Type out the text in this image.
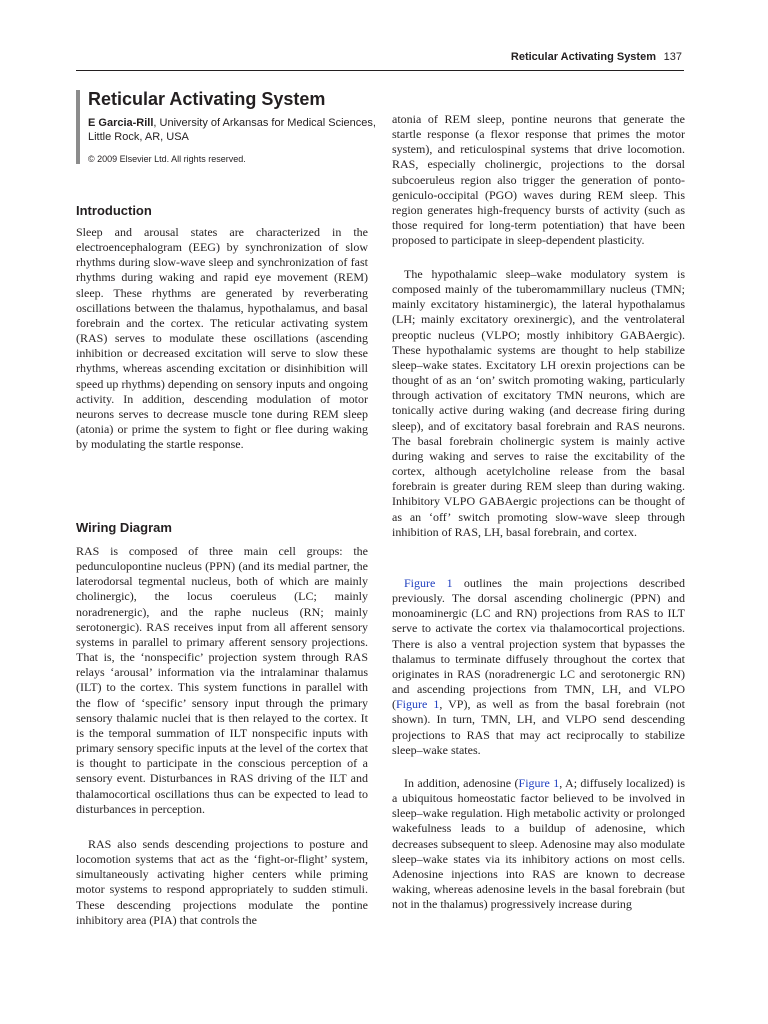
Reticular Activating System 137
Reticular Activating System
E Garcia-Rill, University of Arkansas for Medical Sciences, Little Rock, AR, USA
© 2009 Elsevier Ltd. All rights reserved.
Introduction

Sleep and arousal states are characterized in the electroencephalogram (EEG) by synchronization of slow rhythms during slow-wave sleep and synchronization of fast rhythms during waking and rapid eye movement (REM) sleep. These rhythms are generated by reverberating oscillations between the thalamus, hypothalamus, and basal forebrain and the cortex. The reticular activating system (RAS) serves to modulate these oscillations (ascending inhibition or decreased excitation will serve to slow these rhythms, whereas ascending excitation or disinhibition will speed up rhythms) depending on sensory inputs and ongoing activity. In addition, descending modulation of motor neurons serves to decrease muscle tone during REM sleep (atonia) or prime the system to fight or flee during waking by modulating the startle response.

Wiring Diagram

RAS is composed of three main cell groups: the pedunculopontine nucleus (PPN) (and its medial partner, the laterodorsal tegmental nucleus, both of which are mainly cholinergic), the locus coeruleus (LC; mainly noradrenergic), and the raphe nucleus (RN; mainly serotonergic). RAS receives input from all afferent sensory systems in parallel to primary afferent sensory projections. That is, the ‘nonspecific’ projection system through RAS relays ‘arousal’ information via the intralaminar thalamus (ILT) to the cortex. This system functions in parallel with the flow of ‘specific’ sensory input through the primary sensory thalamic nuclei that is then relayed to the cortex. It is the temporal summation of ILT nonspecific inputs with primary sensory specific inputs at the level of the cortex that is thought to participate in the conscious perception of a sensory event. Disturbances in RAS driving of the ILT and thalamocortical oscillations thus can be expected to lead to disturbances in perception.

RAS also sends descending projections to posture and locomotion systems that act as the ‘fight-or-flight’ system, simultaneously activating higher centers while priming motor systems to respond appropriately to sudden stimuli. These descending projections modulate the pontine inhibitory area (PIA) that controls the

atonia of REM sleep, pontine neurons that generate the startle response (a flexor response that primes the motor system), and reticulospinal systems that drive locomotion. RAS, especially cholinergic, projections to the dorsal subcoeruleus region also trigger the generation of ponto-geniculo-occipital (PGO) waves during REM sleep. This region generates high-frequency bursts of activity (such as those required for long-term potentiation) that have been proposed to participate in sleep-dependent plasticity.

The hypothalamic sleep–wake modulatory system is composed mainly of the tuberomammillary nucleus (TMN; mainly excitatory histaminergic), the lateral hypothalamus (LH; mainly excitatory orexinergic), and the ventrolateral preoptic nucleus (VLPO; mostly inhibitory GABAergic). These hypothalamic systems are thought to help stabilize sleep–wake states. Excitatory LH orexin projections can be thought of as an ‘on’ switch promoting waking, particularly through activation of excitatory TMN neurons, which are tonically active during waking (and decrease firing during sleep), and of excitatory basal forebrain and RAS neurons. The basal forebrain cholinergic system is mainly active during waking and serves to raise the excitability of the cortex, although acetylcholine release from the basal forebrain is greater during REM sleep than during waking. Inhibitory VLPO GABAergic projections can be thought of as an ‘off’ switch promoting slow-wave sleep through inhibition of RAS, LH, basal forebrain, and cortex.

Figure 1 outlines the main projections described previously. The dorsal ascending cholinergic (PPN) and monoaminergic (LC and RN) projections from RAS to ILT serve to activate the cortex via thalamocortical projections. There is also a ventral projection system that bypasses the thalamus to terminate diffusely throughout the cortex that originates in RAS (noradrenergic LC and serotonergic RN) and ascending projections from TMN, LH, and VLPO (Figure 1, VP), as well as from the basal forebrain (not shown). In turn, TMN, LH, and VLPO send descending projections to RAS that may act reciprocally to stabilize sleep–wake states.

In addition, adenosine (Figure 1, A; diffusely localized) is a ubiquitous homeostatic factor believed to be involved in sleep–wake regulation. High metabolic activity or prolonged wakefulness leads to a buildup of adenosine, which decreases subsequent to sleep. Adenosine may also modulate sleep–wake states via its inhibitory actions on most cells. Adenosine injections into RAS are known to decrease waking, whereas adenosine levels in the basal forebrain (but not in the thalamus) progressively increase during
